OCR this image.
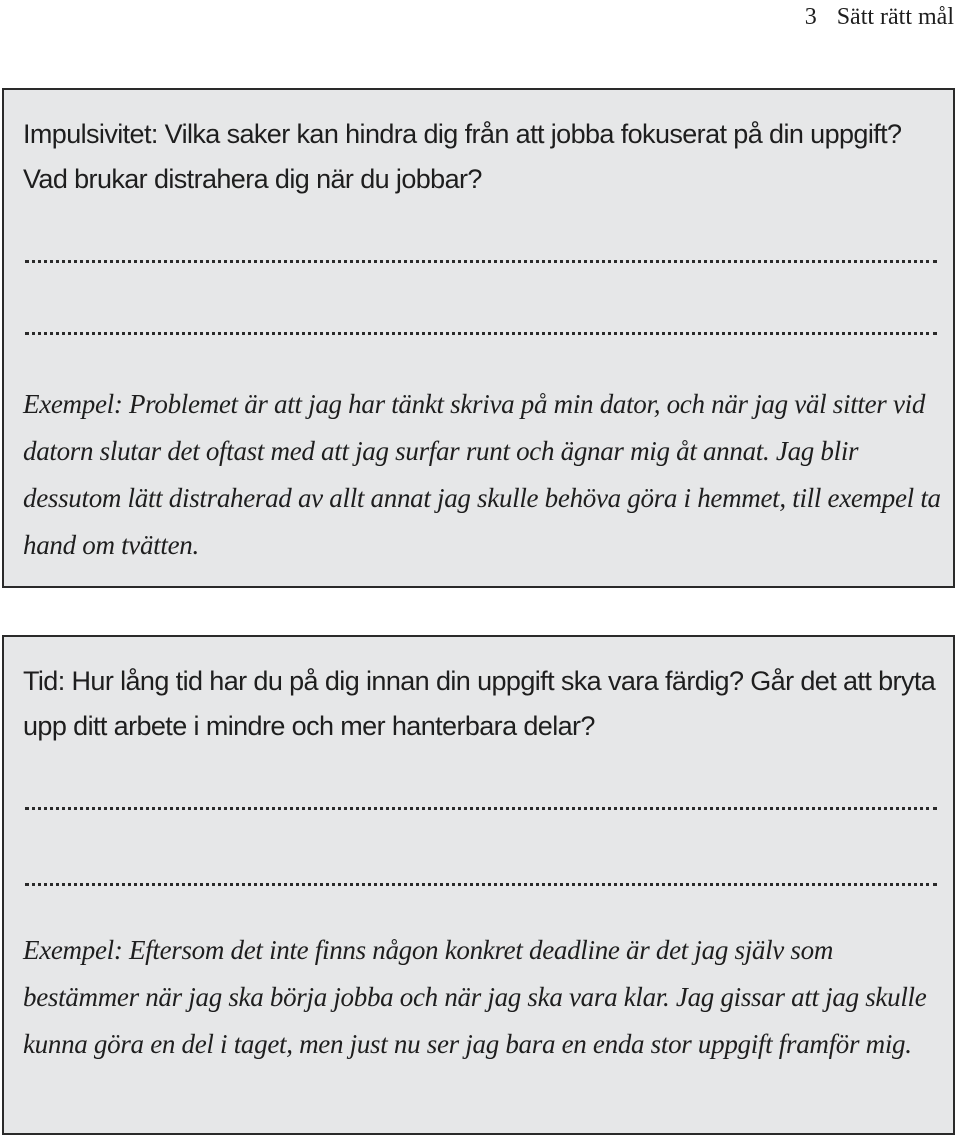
3 Sätt rätt mål

Impulsivitet: Vilka saker kan hindra dig från att jobba fokuserat på din uppgift? Vad brukar distrahera dig när du jobbar?

Exempel: Problemet är att jag har tänkt skriva på min dator, och när jag väl sitter vid datorn slutar det oftast med att jag surfar runt och ägnar mig åt annat. Jag blir dessutom lätt distraherad av allt annat jag skulle behöva göra i hemmet, till exempel ta hand om tvätten.

Tid: Hur lång tid har du på dig innan din uppgift ska vara färdig? Går det att bryta upp ditt arbete i mindre och mer hanterbara delar?

Exempel: Eftersom det inte finns någon konkret deadline är det jag själv som bestämmer när jag ska börja jobba och när jag ska vara klar. Jag gissar att jag skulle kunna göra en del i taget, men just nu ser jag bara en enda stor uppgift framför mig.
